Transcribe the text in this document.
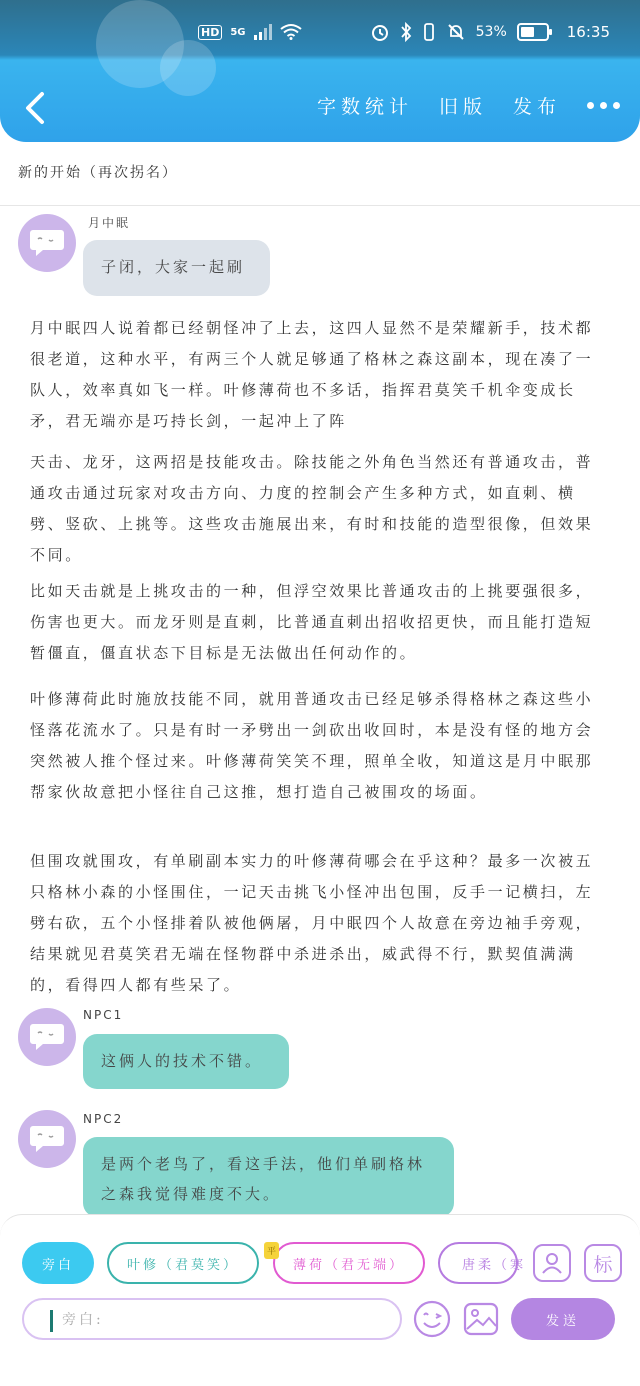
HD	5G	53%	16:35
字数统计 旧版 发布
新的开始（再次拐名）
月中眠
子闭，大家一起刷
月中眠四人说着都已经朝怪冲了上去，这四人显然不是荣耀新手，技术都很老道，这种水平，有两三个人就足够通了格林之森这副本，现在凑了一队人，效率真如飞一样。叶修薄荷也不多话，指挥君莫笑千机伞变成长矛，君无端亦是巧持长剑，一起冲上了阵
天击、龙牙，这两招是技能攻击。除技能之外角色当然还有普通攻击，普通攻击通过玩家对攻击方向、力度的控制会产生多种方式，如直刺、横劈、竖砍、上挑等。这些攻击施展出来，有时和技能的造型很像，但效果不同。
比如天击就是上挑攻击的一种，但浮空效果比普通攻击的上挑要强很多，伤害也更大。而龙牙则是直刺，比普通直刺出招收招更快，而且能打造短暂僵直，僵直状态下目标是无法做出任何动作的。
叶修薄荷此时施放技能不同，就用普通攻击已经足够杀得格林之森这些小怪落花流水了。只是有时一矛劈出一剑砍出收回时，本是没有怪的地方会突然被人推个怪过来。叶修薄荷笑笑不理，照单全收，知道这是月中眠那帮家伙故意把小怪往自己这推，想打造自己被围攻的场面。
但围攻就围攻，有单刷副本实力的叶修薄荷哪会在乎这种？最多一次被五只格林小森的小怪围住，一记天击挑飞小怪冲出包围，反手一记横扫，左劈右砍，五个小怪排着队被他俩屠，月中眠四个人故意在旁边袖手旁观，结果就见君莫笑君无端在怪物群中杀进杀出，威武得不行，默契值满满的，看得四人都有些呆了。
NPC1
这俩人的技术不错。
NPC2
是两个老鸟了，看这手法，他们单刷格林之森我觉得难度不大。
旁白	叶修（君莫笑）	薄荷（君无端）
平
唐柔（寒	标
旁白:	发送
